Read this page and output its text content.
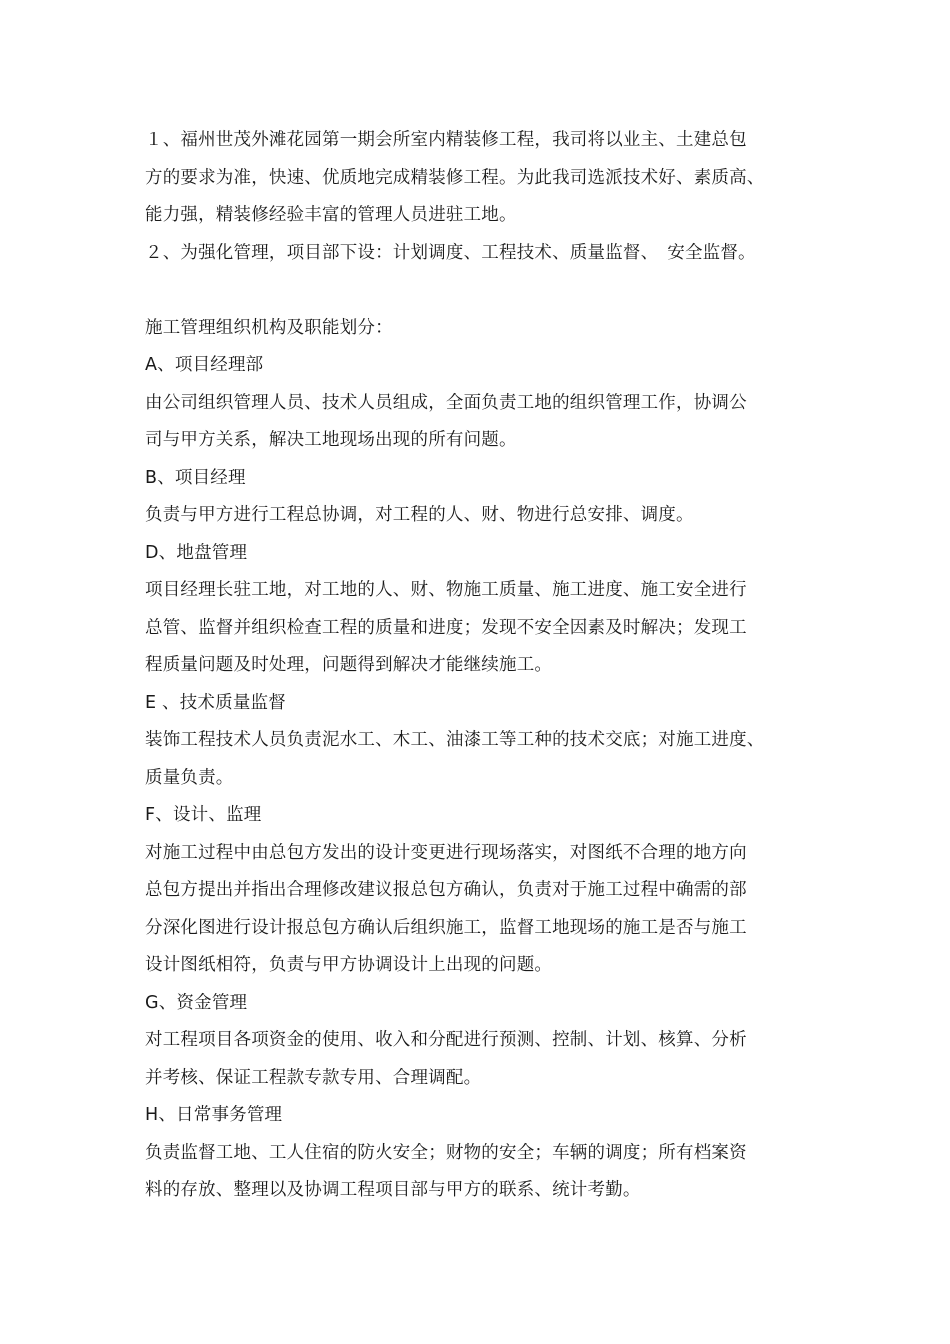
１、福州世茂外滩花园第一期会所室内精装修工程，我司将以业主、土建总包
方的要求为准，快速、优质地完成精装修工程。为此我司选派技术好、素质高、
能力强，精装修经验丰富的管理人员进驻工地。
２、为强化管理，项目部下设：计划调度、工程技术、质量监督、　安全监督。
施工管理组织机构及职能划分：
A、项目经理部
由公司组织管理人员、技术人员组成，全面负责工地的组织管理工作，协调公
司与甲方关系，解决工地现场出现的所有问题。
B、项目经理
负责与甲方进行工程总协调，对工程的人、财、物进行总安排、调度。
D、地盘管理
项目经理长驻工地，对工地的人、财、物施工质量、施工进度、施工安全进行
总管、监督并组织检查工程的质量和进度；发现不安全因素及时解决；发现工
程质量问题及时处理，问题得到解决才能继续施工。
E 、技术质量监督
装饰工程技术人员负责泥水工、木工、油漆工等工种的技术交底；对施工进度、
质量负责。
F、设计、监理
对施工过程中由总包方发出的设计变更进行现场落实，对图纸不合理的地方向
总包方提出并指出合理修改建议报总包方确认，负责对于施工过程中确需的部
分深化图进行设计报总包方确认后组织施工，监督工地现场的施工是否与施工
设计图纸相符，负责与甲方协调设计上出现的问题。
G、资金管理
对工程项目各项资金的使用、收入和分配进行预测、控制、计划、核算、分析
并考核、保证工程款专款专用、合理调配。
H、日常事务管理
负责监督工地、工人住宿的防火安全；财物的安全；车辆的调度；所有档案资
料的存放、整理以及协调工程项目部与甲方的联系、统计考勤。
